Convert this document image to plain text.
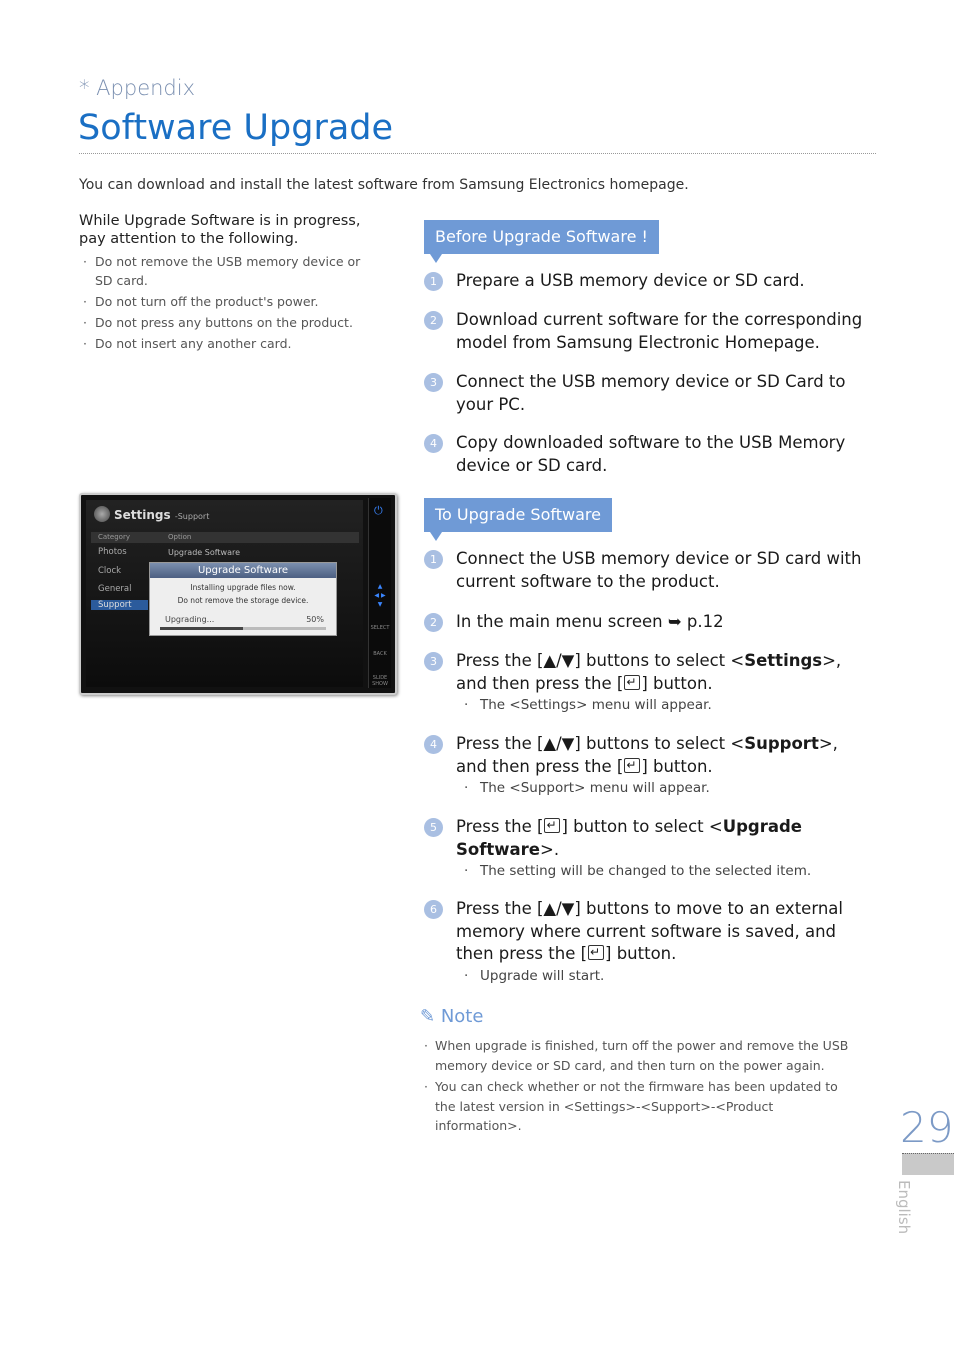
* Appendix
Software Upgrade
You can download and install the latest software from Samsung Electronics homepage.
While Upgrade Software is in progress, pay attention to the following.
· Do not remove the USB memory device or SD card.
· Do not turn off the product's power.
· Do not press any buttons on the product.
· Do not insert any another card.
Settings -Support
Category	Option
Photos
Clock
General
Support
Upgrade Software
Upgrade Software
Installing upgrade files now.
Do not remove the storage device.
Upgrading...	50%
⏻
▲
◀ ▶
▼
SELECT
BACK
SLIDE SHOW
Before Upgrade Software !
1	Prepare a USB memory device or SD card.
2	Download current software for the corresponding model from Samsung Electronic Homepage.
3	Connect the USB memory device or SD Card to your PC.
4	Copy downloaded software to the USB Memory device or SD card.
To Upgrade Software
1	Connect the USB memory device or SD card with current software to the product.
2	In the main menu screen ➥ p.12
3	Press the [▲/▼] buttons to select <Settings>, and then press the [ ↵ ] button.
· The <Settings> menu will appear.
4	Press the [▲/▼] buttons to select <Support>, and then press the [ ↵ ] button.
· The <Support> menu will appear.
5	Press the [ ↵ ] button to select <Upgrade Software>.
· The setting will be changed to the selected item.
6	Press the [▲/▼] buttons to move to an external memory where current software is saved, and then press the [ ↵ ] button.
· Upgrade will start.
✎ Note
· When upgrade is finished, turn off the power and remove the USB memory device or SD card, and then turn on the power again.
· You can check whether or not the firmware has been updated to the latest version in <Settings>-<Support>-<Product information>.	29
English
